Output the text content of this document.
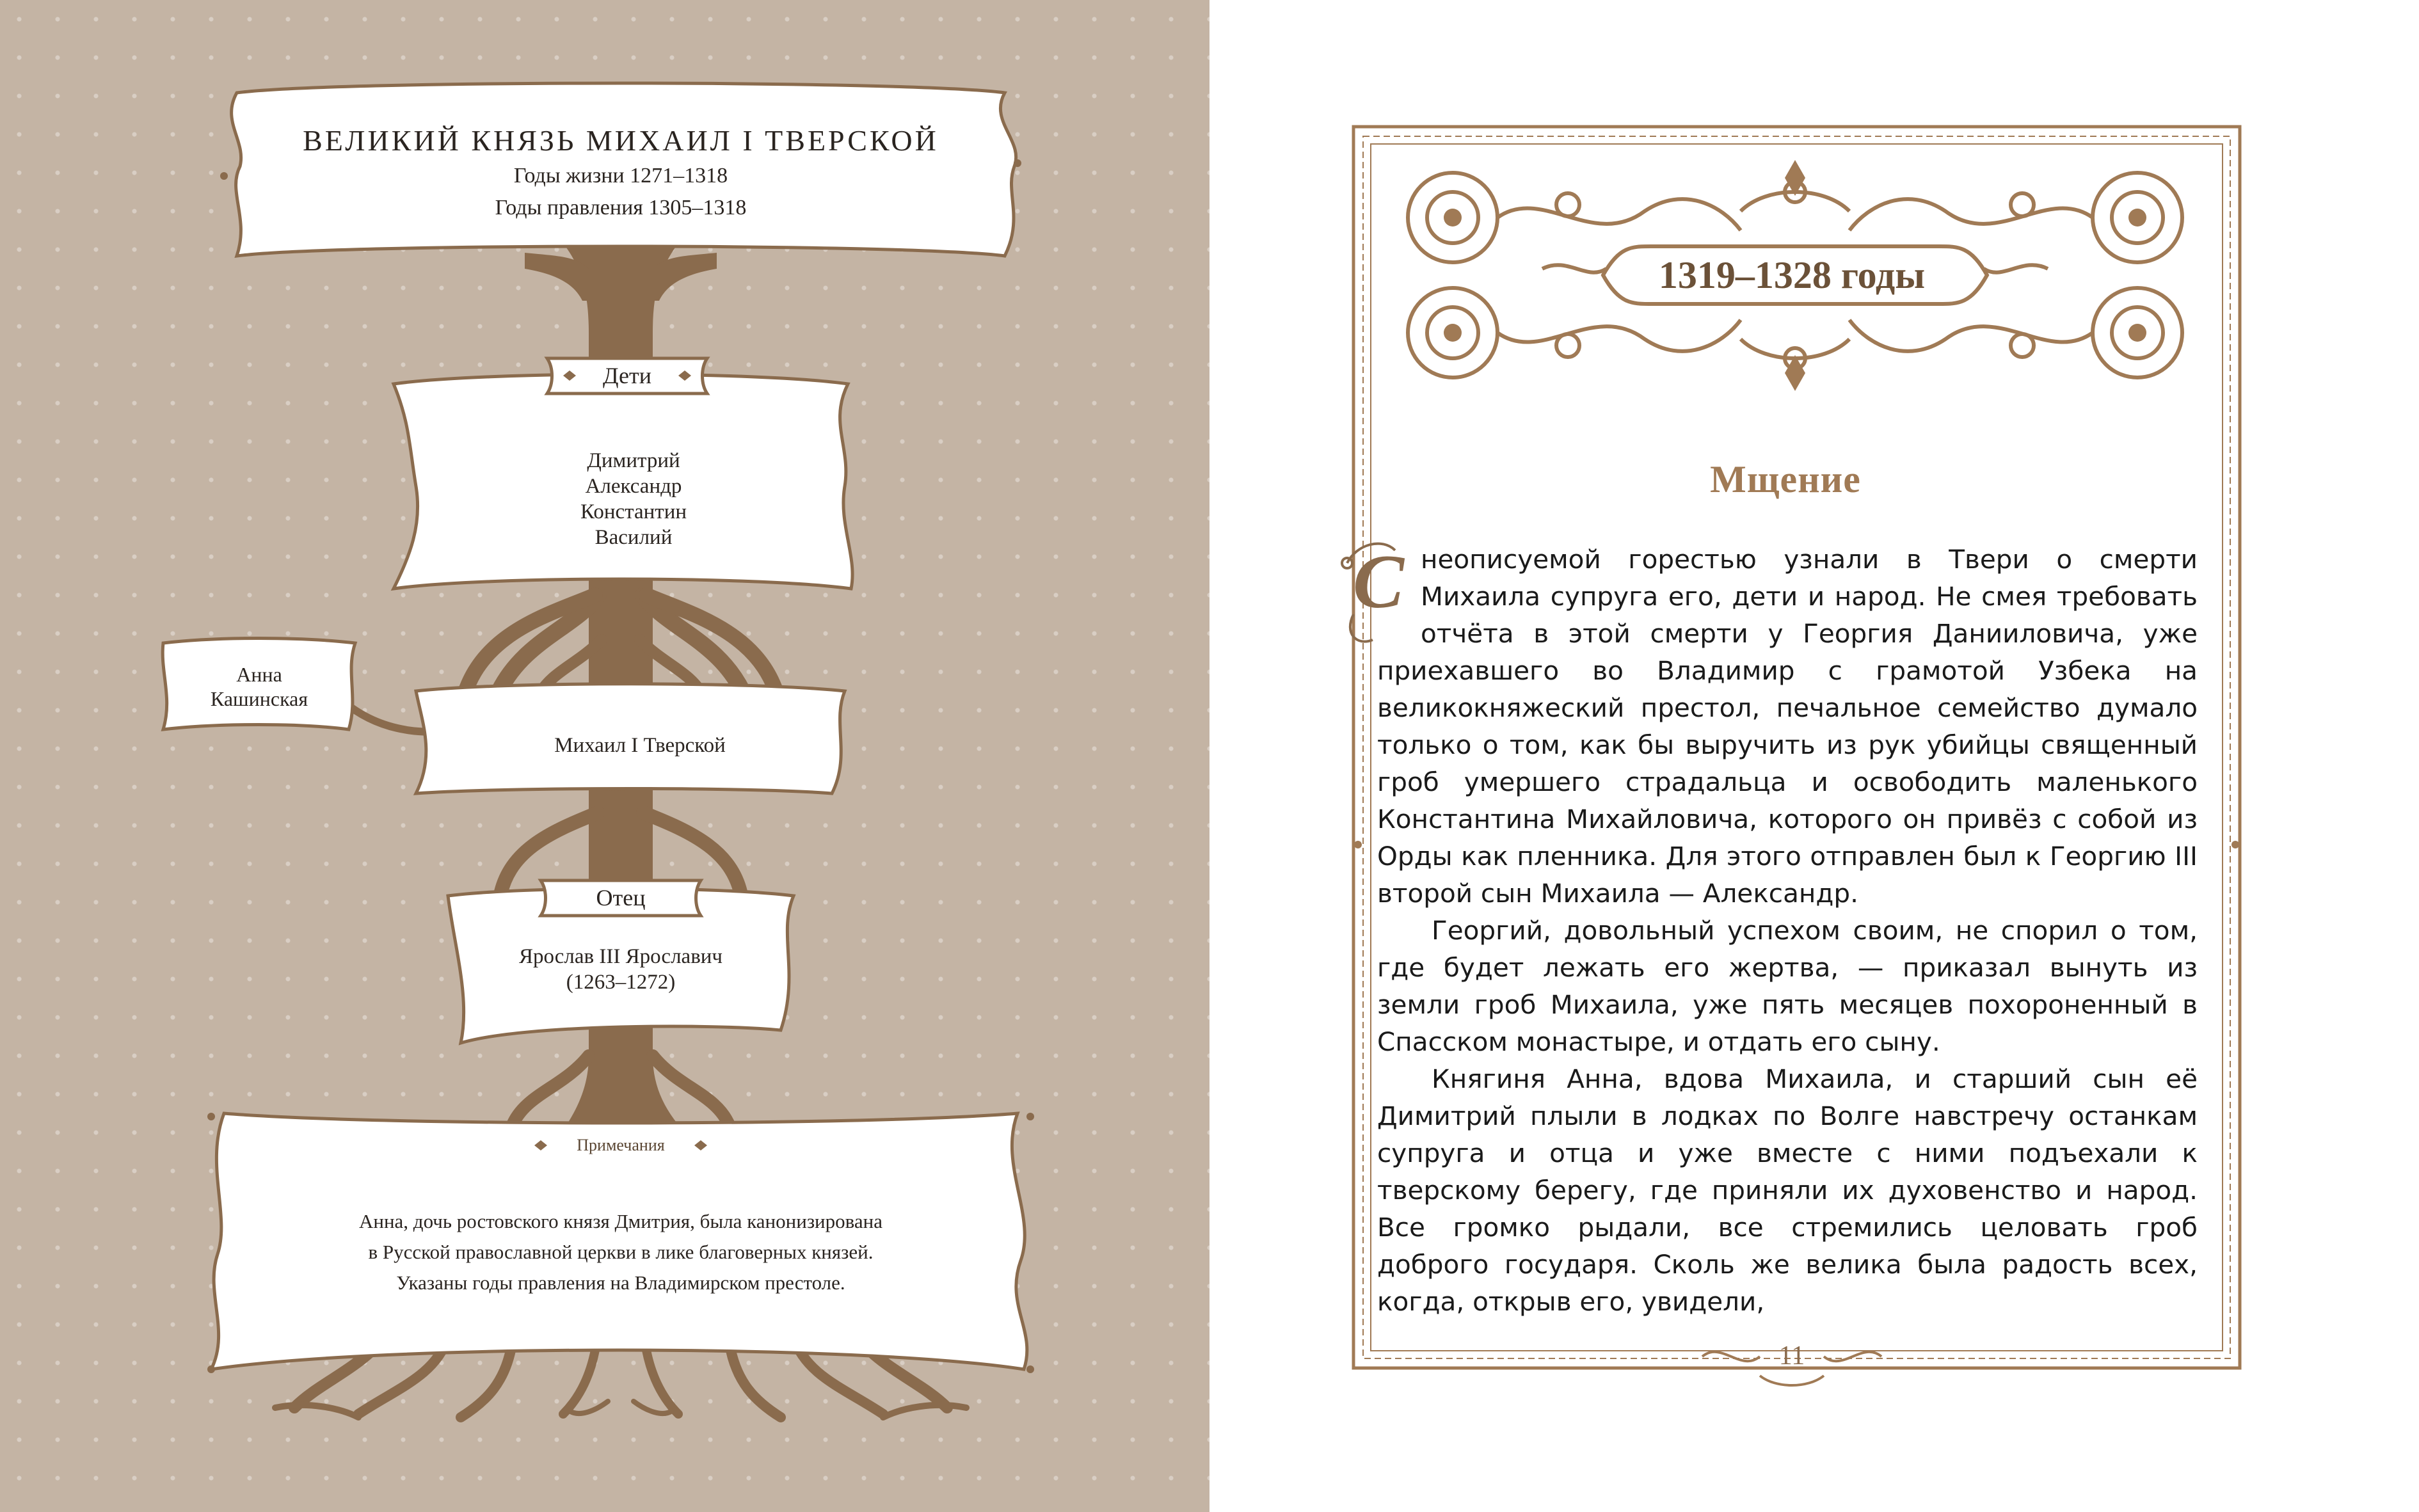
ВЕЛИКИЙ КНЯЗЬ МИХАИЛ I ТВЕРСКОЙ
Годы жизни 1271–1318
Годы правления 1305–1318
Дети
Димитрий
Александр
Константин
Василий
Анна
Кашинская
Михаил I Тверской
Отец
Ярослав III Ярославич
(1263–1272)
Примечания
Анна, дочь ростовского князя Дмитрия, была канонизирована
в Русской православной церкви в лике благоверных князей.
Указаны годы правления на Владимирском престоле.
1319–1328 годы
Мщение

С неописуемой горестью узнали в Твери о смерти Михаила супруга его, дети и народ. Не смея требовать отчёта в этой смерти у Георгия Данииловича, уже приехавшего во Владимир с грамотой Узбека на великокняжеский престол, печальное семейство думало только о том, как бы выручить из рук убийцы священный гроб умершего страдальца и освободить маленького Константина Михайловича, которого он привёз с собой из Орды как пленника. Для этого отправлен был к Георгию III второй сын Михаила — Александр.

Георгий, довольный успехом своим, не спорил о том, где будет лежать его жертва, — приказал вынуть из земли гроб Михаила, уже пять месяцев похороненный в Спасском монастыре, и отдать его сыну.

Княгиня Анна, вдова Михаила, и старший сын её Димитрий плыли в лодках по Волге навстречу останкам супруга и отца и уже вместе с ними подъехали к тверскому берегу, где приняли их духовенство и народ. Все громко рыдали, все стремились целовать гроб доброго государя. Сколь же велика была радость всех, когда, открыв его, увидели,

11
